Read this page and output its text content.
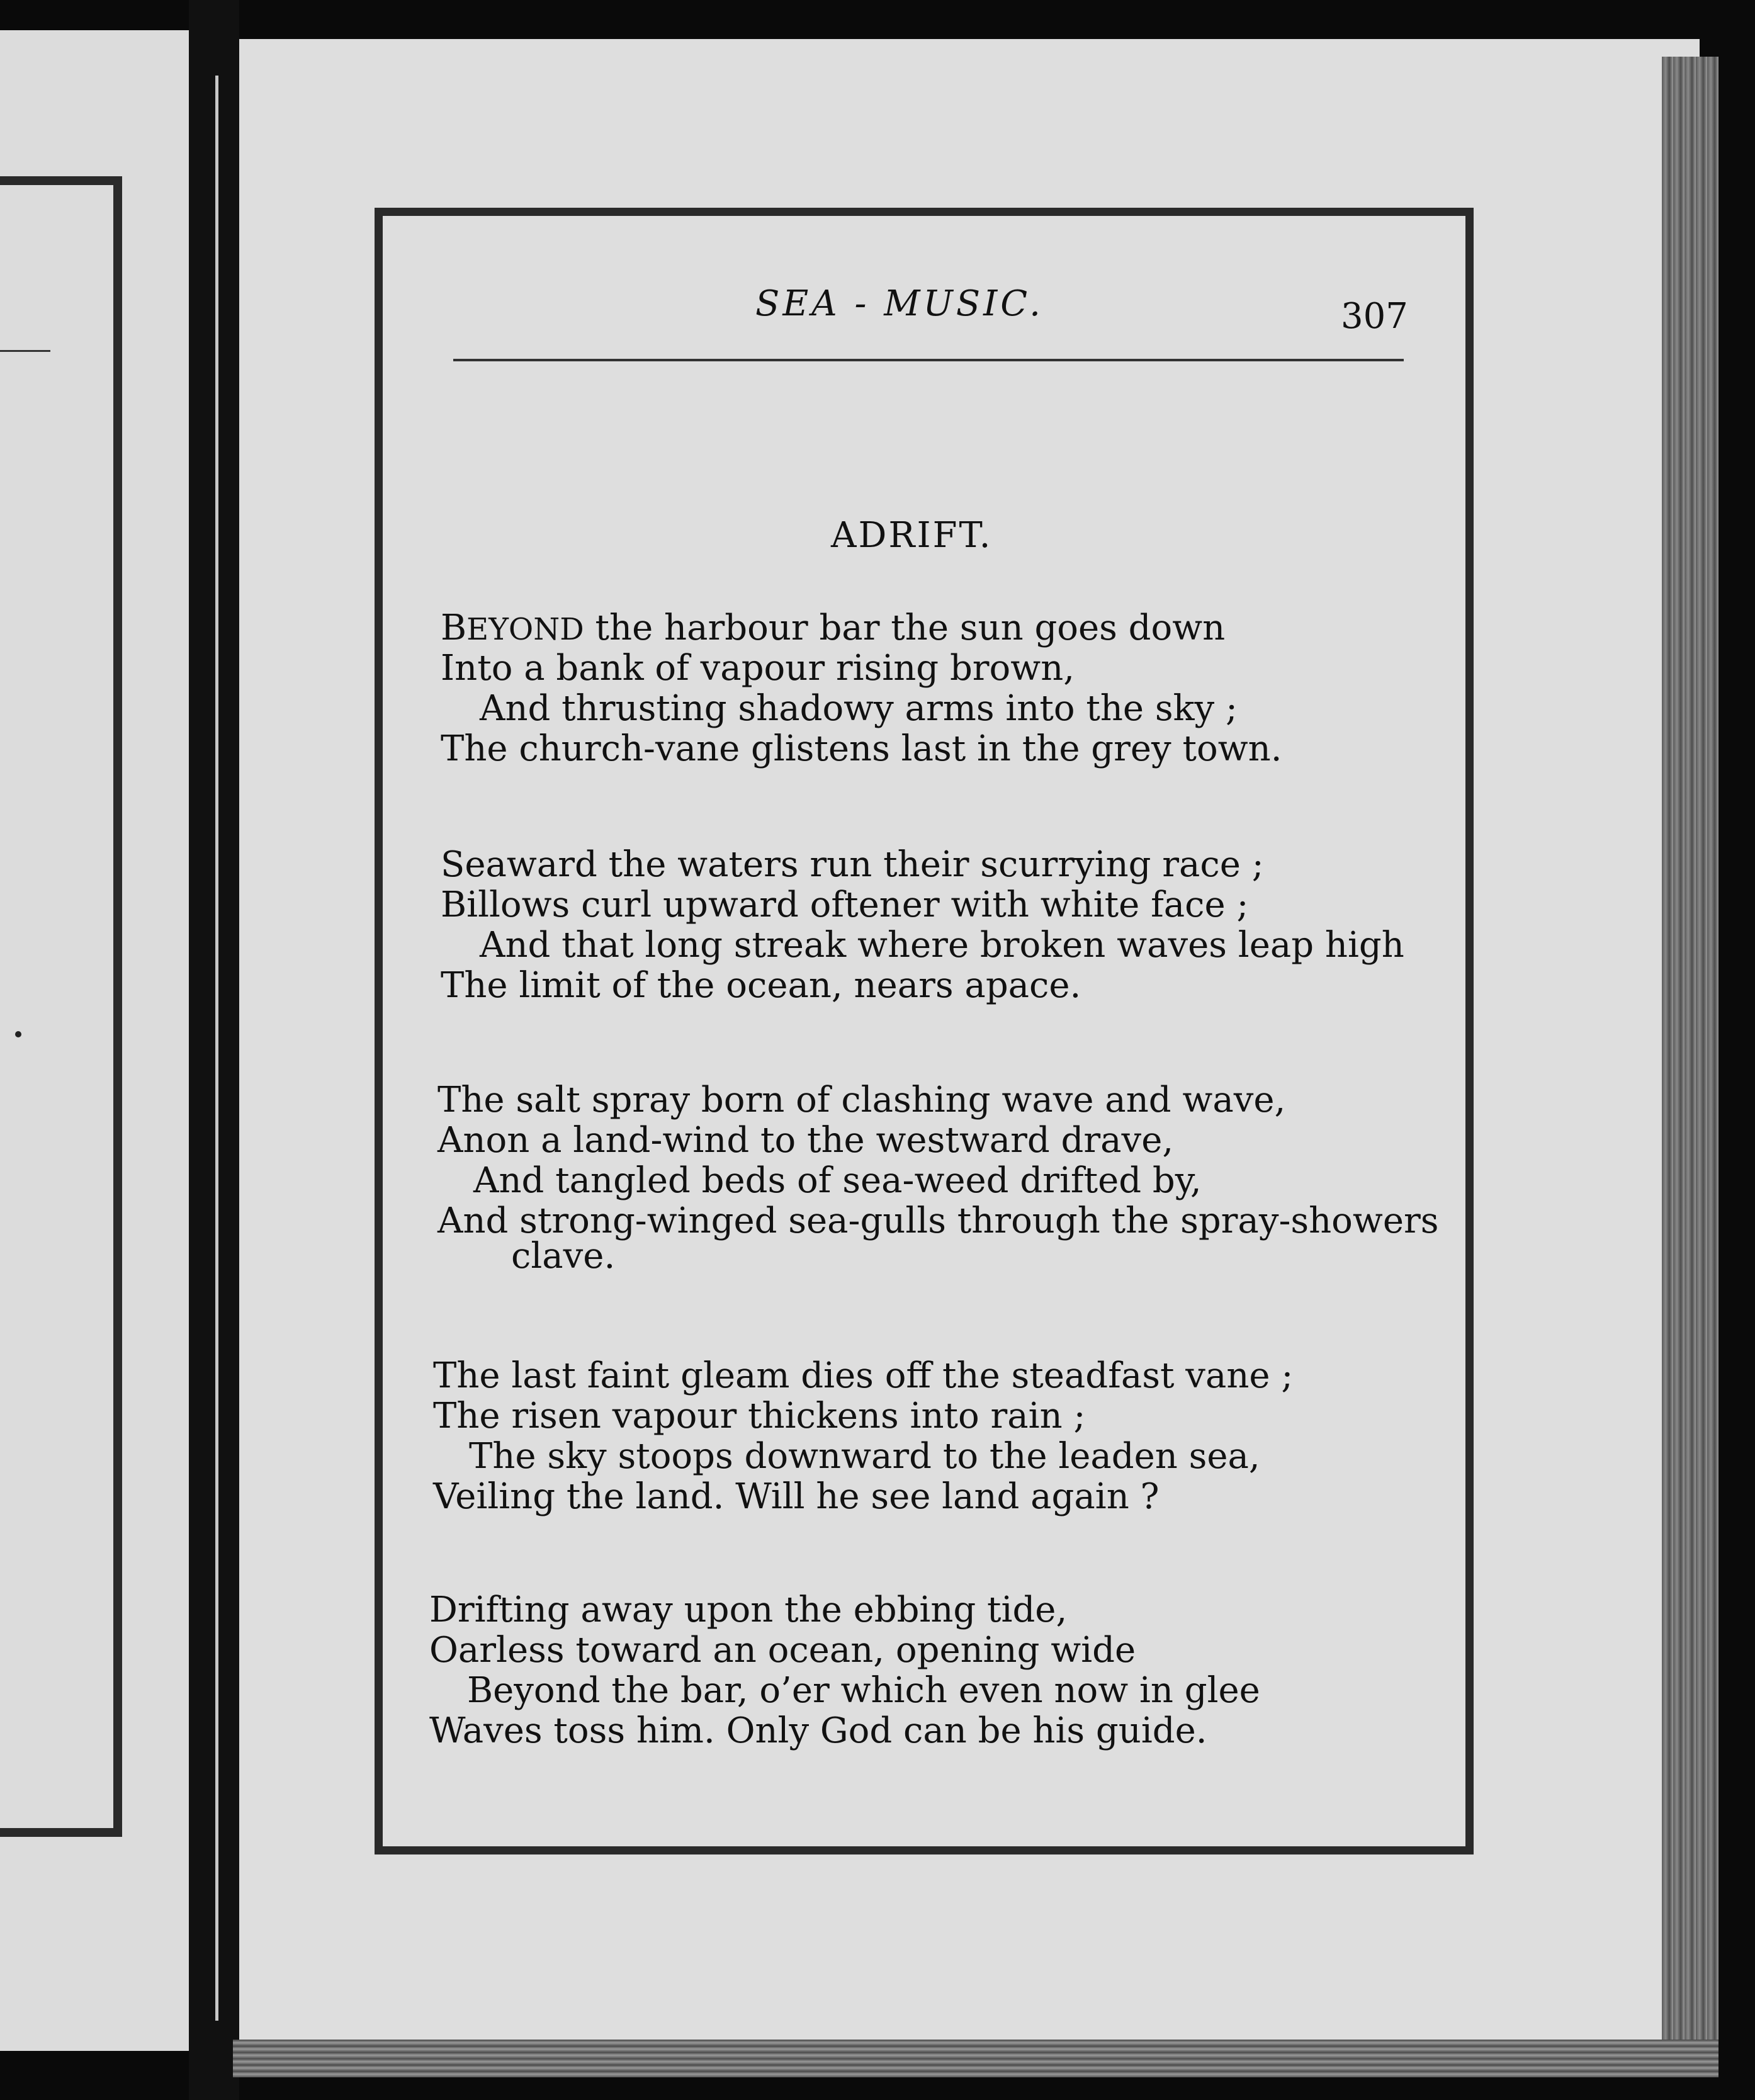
SEA - MUSIC.	307
ADRIFT.
BEYOND the harbour bar the sun goes down
Into a bank of vapour rising brown,
And thrusting shadowy arms into the sky ;
The church-vane glistens last in the grey town.
Seaward the waters run their scurrying race ;
Billows curl upward oftener with white face ;
And that long streak where broken waves leap high
The limit of the ocean, nears apace.
The salt spray born of clashing wave and wave,
Anon a land-wind to the westward drave,
And tangled beds of sea-weed drifted by,
And strong-winged sea-gulls through the spray-showers
clave.
The last faint gleam dies off the steadfast vane ;
The risen vapour thickens into rain ;
The sky stoops downward to the leaden sea,
Veiling the land. Will he see land again ?
Drifting away upon the ebbing tide,
Oarless toward an ocean, opening wide
Beyond the bar, o’er which even now in glee
Waves toss him. Only God can be his guide.
